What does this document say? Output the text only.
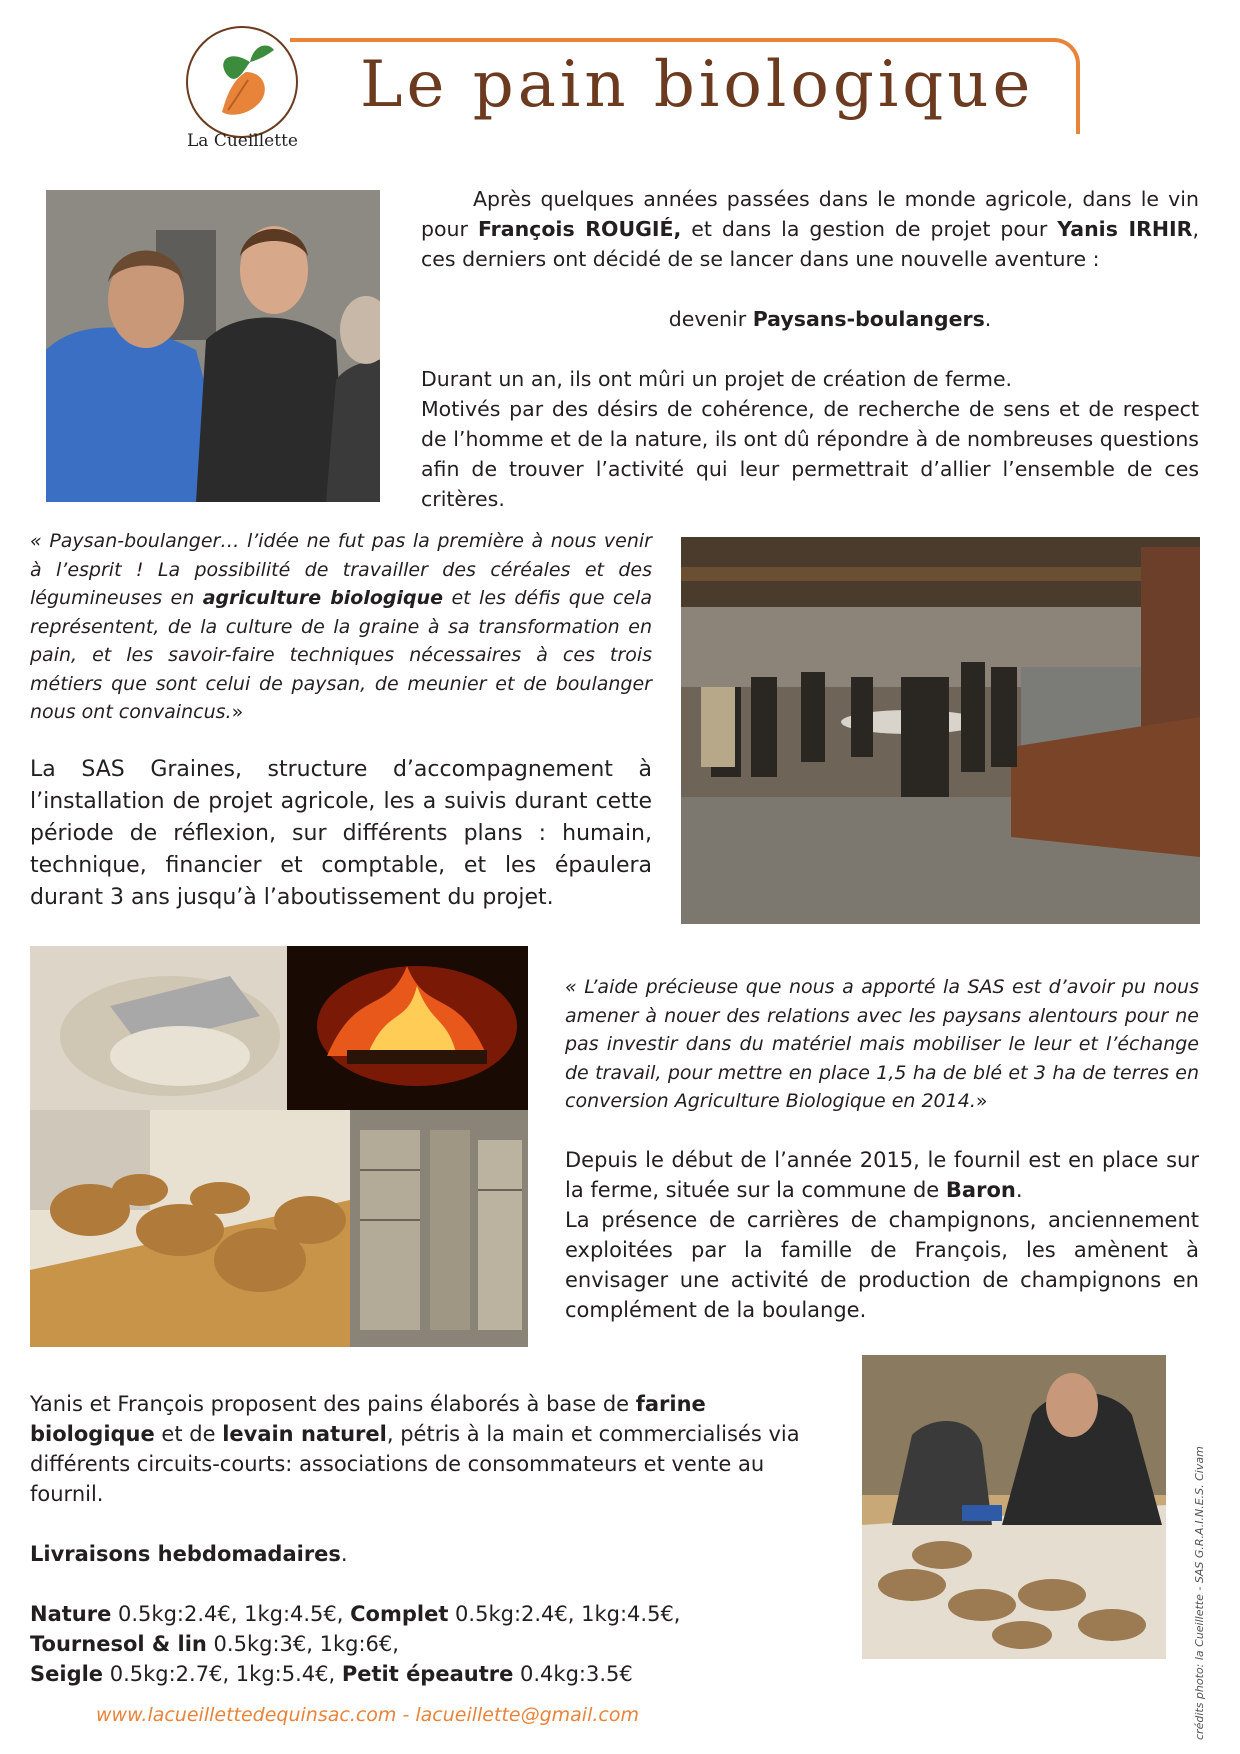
La Cueillette
Le pain biologique

Après quelques années passées dans le monde agricole, dans le vin pour François ROUGIÉ, et dans la gestion de projet pour Yanis IRHIR, ces derniers ont décidé de se lancer dans une nouvelle aventure :

devenir Paysans-boulangers.

Durant un an, ils ont mûri un projet de création de ferme.

Motivés par des désirs de cohérence, de recherche de sens et de respect de l’homme et de la nature, ils ont dû répondre à de nombreuses questions afin de trouver l’activité qui leur permettrait d’allier l’ensemble de ces critères.

« Paysan-boulanger… l’idée ne fut pas la première à nous venir à l’esprit ! La possibilité de travailler des céréales et des légumineuses en agriculture biologique et les défis que cela représentent, de la culture de la graine à sa transformation en pain, et les savoir-faire techniques nécessaires à ces trois métiers que sont celui de paysan, de meunier et de boulanger nous ont convaincus.»
La SAS Graines, structure d’accompagnement à l’installation de projet agricole, les a suivis durant cette période de réflexion, sur différents plans : humain, technique, financier et comptable, et les épaulera durant 3 ans jusqu’à l’aboutissement du projet.
« L’aide précieuse que nous a apporté la SAS est d’avoir pu nous amener à nouer des relations avec les paysans alentours pour ne pas investir dans du matériel mais mobiliser le leur et l’échange de travail, pour mettre en place 1,5 ha de blé et 3 ha de terres en conversion Agriculture Biologique en 2014.»

Depuis le début de l’année 2015, le fournil est en place sur la ferme, située sur la commune de Baron.

La présence de carrières de champignons, anciennement exploitées par la famille de François, les amènent à envisager une activité de production de champignons en complément de la boulange.

Yanis et François proposent des pains élaborés à base de farine biologique et de levain naturel, pétris à la main et commercialisés via différents circuits-courts: associations de consommateurs et vente au fournil.

Livraisons hebdomadaires.

Nature 0.5kg:2.4€, 1kg:4.5€, Complet 0.5kg:2.4€, 1kg:4.5€,

Tournesol & lin 0.5kg:3€, 1kg:6€,

Seigle 0.5kg:2.7€, 1kg:5.4€, Petit épeautre 0.4kg:3.5€	crédits photo: la Cueillette - SAS G.R.A.I.N.E.S. Civam
www.lacueillettedequinsac.com - lacueillette@gmail.com
